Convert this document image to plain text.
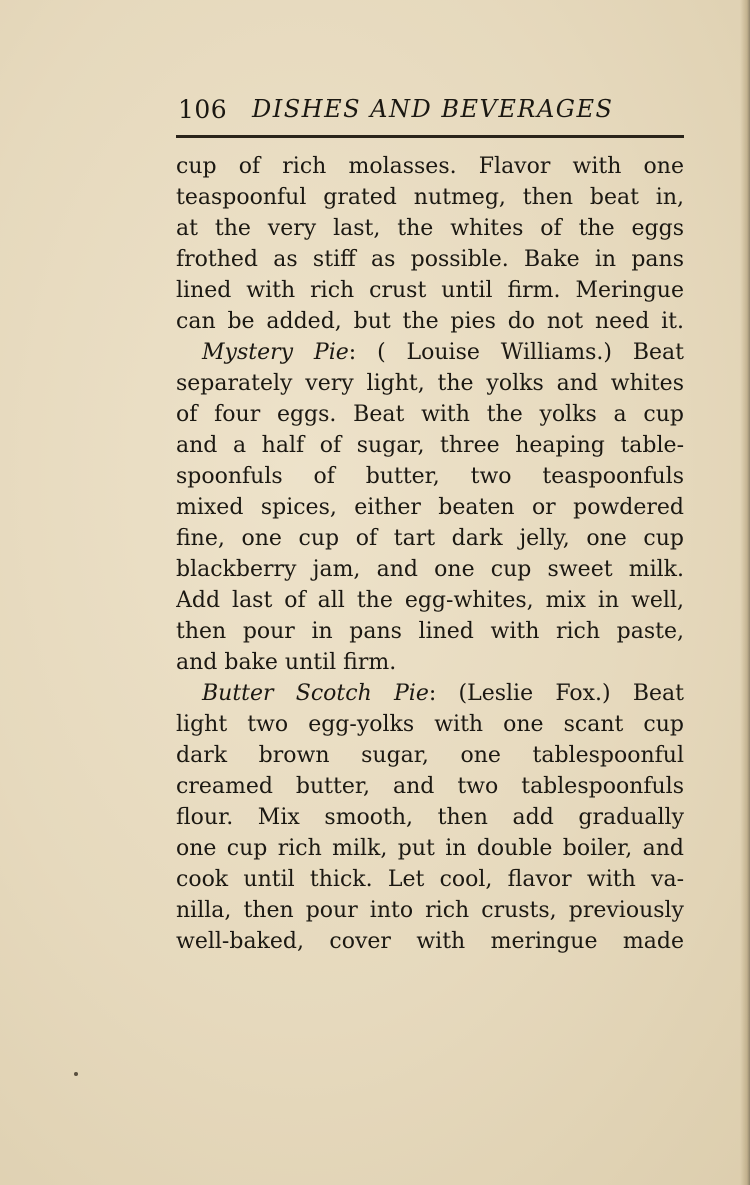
106 DISHES AND BEVERAGES
cup of rich molasses. Flavor with one
teaspoonful grated nutmeg, then beat in,
at the very last, the whites of the eggs
frothed as stiff as possible. Bake in pans
lined with rich crust until firm. Meringue
can be added, but the pies do not need it.
Mystery Pie: ( Louise Williams.) Beat
separately very light, the yolks and whites
of four eggs. Beat with the yolks a cup
and a half of sugar, three heaping table-
spoonfuls of butter, two teaspoonfuls
mixed spices, either beaten or powdered
fine, one cup of tart dark jelly, one cup
blackberry jam, and one cup sweet milk.
Add last of all the egg-whites, mix in well,
then pour in pans lined with rich paste,
and bake until firm.
Butter Scotch Pie: (Leslie Fox.) Beat
light two egg-yolks with one scant cup
dark brown sugar, one tablespoonful
creamed butter, and two tablespoonfuls
flour. Mix smooth, then add gradually
one cup rich milk, put in double boiler, and
cook until thick. Let cool, flavor with va-
nilla, then pour into rich crusts, previously
well-baked, cover with meringue made
